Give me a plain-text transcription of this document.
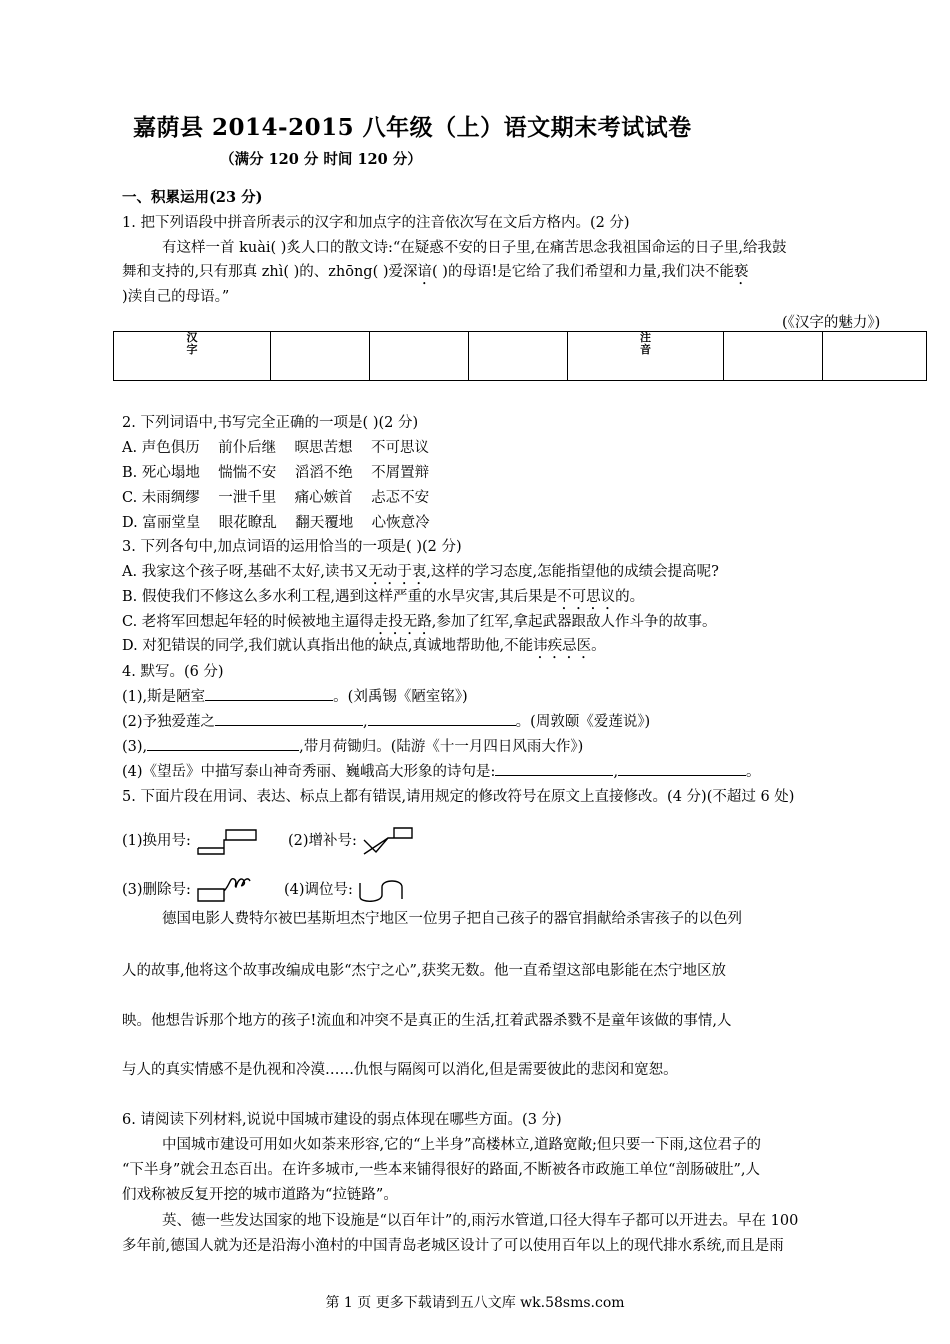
嘉荫县 2014-2015 八年级（上）语文期末考试试卷
（满分 120 分 时间 120 分）
一、积累运用(23 分)
1. 把下列语段中拼音所表示的汉字和加点字的注音依次写在文后方格内。(2 分)
有这样一首 kuài( )炙人口的散文诗:“在疑惑不安的日子里,在痛苦思念我祖国命运的日子里,给我鼓
舞和支持的,只有那真 zhì( )的、zhōng( )爱深谙( )的母语!是它给了我们希望和力量,我们决不能亵
)渎自己的母语。”
(《汉字的魅力》)
汉
字				注
音		
2. 下列词语中,书写完全正确的一项是( )(2 分)
A. 声色俱历    前仆后继    暝思苦想    不可思议
B. 死心塌地    惴惴不安    滔滔不绝    不屑置辩
C. 未雨绸缪    一泄千里    痛心嫉首    忐忑不安
D. 富丽堂皇    眼花瞭乱    翻天覆地    心恢意冷
3. 下列各句中,加点词语的运用恰当的一项是( )(2 分)
A. 我家这个孩子呀,基础不太好,读书又无动于衷,这样的学习态度,怎能指望他的成绩会提高呢?
B. 假使我们不修这么多水利工程,遇到这样严重的水旱灾害,其后果是不可思议的。
C. 老将军回想起年轻的时候被地主逼得走投无路,参加了红军,拿起武器跟敌人作斗争的故事。
D. 对犯错误的同学,我们就认真指出他的缺点,真诚地帮助他,不能讳疾忌医。
4. 默写。(6 分)
(1),斯是陋室	。(刘禹锡《陋室铭》)
(2)予独爱莲之	,	。(周敦颐《爱莲说》)
(3),	,带月荷锄归。(陆游《十一月四日风雨大作》)
(4)《望岳》中描写泰山神奇秀丽、巍峨高大形象的诗句是:	,	。
5. 下面片段在用词、表达、标点上都有错误,请用规定的修改符号在原文上直接修改。(4 分)(不超过 6 处)
(1)换用号:	(2)增补号:
(3)删除号:	(4)调位号:
德国电影人费特尔被巴基斯坦杰宁地区一位男子把自己孩子的器官捐献给杀害孩子的以色列
人的故事,他将这个故事改编成电影“杰宁之心”,获奖无数。他一直希望这部电影能在杰宁地区放
映。他想告诉那个地方的孩子!流血和冲突不是真正的生活,扛着武器杀戮不是童年该做的事情,人
与人的真实情感不是仇视和冷漠……仇恨与隔阂可以消化,但是需要彼此的悲闵和宽恕。
6. 请阅读下列材料,说说中国城市建设的弱点体现在哪些方面。(3 分)
中国城市建设可用如火如荼来形容,它的“上半身”高楼林立,道路宽敞;但只要一下雨,这位君子的
“下半身”就会丑态百出。在许多城市,一些本来铺得很好的路面,不断被各市政施工单位“剖肠破肚”,人
们戏称被反复开挖的城市道路为“拉链路”。
英、德一些发达国家的地下设施是“以百年计”的,雨污水管道,口径大得车子都可以开进去。早在 100
多年前,德国人就为还是沿海小渔村的中国青岛老城区设计了可以使用百年以上的现代排水系统,而且是雨
第 1 页 更多下载请到五八文库 wk.58sms.com
